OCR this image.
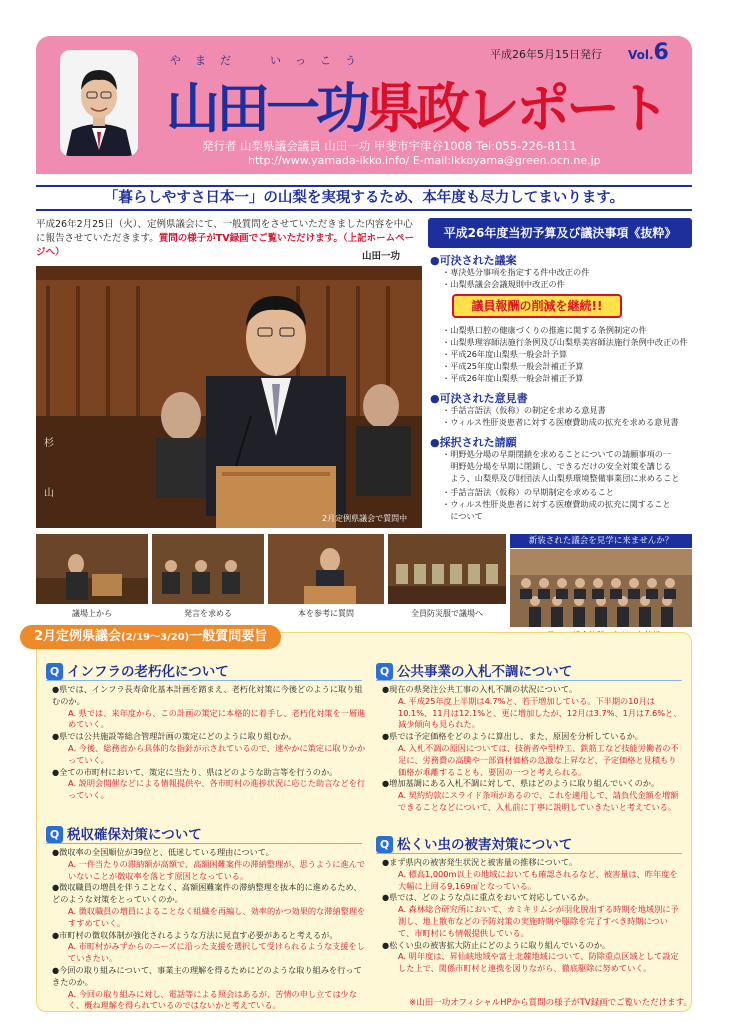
やまだ　いっこう
山田一功県政レポート
平成26年5月15日発行 Vol.6
発行者 山梨県議会議員 山田一功 甲斐市宇津谷1008 Tel:055-226-8111
http://www.yamada-ikko.info/ E-mail:ikkoyama@green.ocn.ne.jp
「暮らしやすさ日本一」の山梨を実現するため、本年度も尽力してまいります。
平成26年2月25日（火）、定例県議会にて、一般質問をさせていただきました内容を中心に報告させていただきます。質問の様子がTV録画でご覧いただけます。（上記ホームページへ）	山田一功
杉
山
2月定例県議会で質問中
議場上から	発言を求める	本を参考に質問	全員防災服で議場へ
平成26年度当初予算及び議決事項《抜粋》
●可決された議案
・専決処分事項を指定する件中改正の件
・山梨県議会会議規則中改正の件
議員報酬の削減を継続!!
・山梨県口腔の健康づくりの推進に関する条例制定の件
・山梨県理容師法施行条例及び山梨県美容師法施行条例中改正の件
・平成26年度山梨県一般会計予算
・平成25年度山梨県一般会計補正予算
・平成26年度山梨県一般会計補正予算
●可決された意見書
・手話言語法（仮称）の制定を求める意見書
・ウィルス性肝炎患者に対する医療費助成の拡充を求める意見書
●採択された請願
・明野処分場の早期閉鎖を求めることについての請願事項の一
　明野処分場を早期に閉鎖し、できるだけの安全対策を講じる
　よう、山梨県及び財団法人山梨県環境整備事業団に求めること
・手話言語法（仮称）の早期制定を求めること
・ウィルス性肝炎患者に対する医療費助成の拡充に関すること
　について
新装された議会を見学に来ませんか？
2月定例県議会(2/19～3/20)一般質問要旨
Q インフラの老朽化について
●県では、インフラ長寿命化基本計画を踏まえ、老朽化対策に今後どのように取り組むのか。
A. 県では、来年度から、この計画の策定に本格的に着手し、老朽化対策を一層進めていく。
●県では公共施設等総合管理計画の策定にどのように取り組むか。
A. 今後、総務省から具体的な指針が示されているので、速やかに策定に取りかかっていく。
●全ての市町村において、策定に当たり、県はどのような助言等を行うのか。
A. 説明会開催などによる情報提供や、各市町村の進捗状況に応じた助言などを行っていく。
Q 税収確保対策について
●徴収率の全国順位が39位と、低迷している理由について。
A. 一件当たりの滞納額が高額で、高額困難案件の滞納整理が、思うように進んでいないことが徴収率を落とす原因となっている。
●徴収職員の増員を伴うことなく、高額困難案件の滞納整理を抜本的に進めるため、どのような対策をとっていくのか。
A. 徴収職員の増員によることなく組織を再編し、効率的かつ効果的な滞納整理をすすめていく。
●市町村の徴収体制が強化されるような方法に見直す必要があると考えるが。
A. 市町村がみずからのニーズに沿った支援を選択して受けられるような支援をしていきたい。
●今回の取り組みについて、事業主の理解を得るためにどのような取り組みを行ってきたのか。
A. 今回の取り組みに対し、電話等による照会はあるが、苦情の申し立ては少なく、概ね理解を得られているのではないかと考えている。
Q 公共事業の入札不調について
●現在の県発注公共工事の入札不調の状況について。
A. 平成25年度上半期は4.7%と、若干増加している。下半期の10月は10.1%、11月は12.1%と、更に増加したが、12月は3.7%、1月は7.6%と、減少傾向も見られた。
●県では予定価格をどのように算出し、また、原因を分析しているか。
A. 入札不調の原因については、技術者や型枠工、鉄筋工など技能労働者の不足に、労務費の高騰や一部資材価格の急激な上昇など、予定価格と見積もり価格が乖離することも、要因の一つと考えられる。
●増加基調にある入札不調に対して、県はどのように取り組んでいくのか。
A. 契約約款にスライド条項があるので、これを適用して、請負代金額を増額できることなどについて、入札前に丁寧に説明していきたいと考えている。
Q 松くい虫の被害対策について
●まず県内の被害発生状況と被害量の推移について。
A. 標高1,000m以上の地域においても確認されるなど、被害量は、昨年度を大幅に上回る9,169㎥となっている。
●県では、どのような点に重点をおいて対応しているか。
A. 森林総合研究所において、カミキリムシが羽化脱出する時期を地域別に予測し、地上散布などの予防対策の実施時期や駆除を完了すべき時期について、市町村にも情報提供している。
●松くい虫の被害拡大防止にどのように取り組んでいるのか。
A. 明年度は、昇仙峡地域や富士北麓地域について、防除重点区域として設定した上で、関係市町村と連携を図りながら、徹底駆除に努めていく。
※山田一功オフィシャルHPから質問の様子がTV録画でご覧いただけます。
